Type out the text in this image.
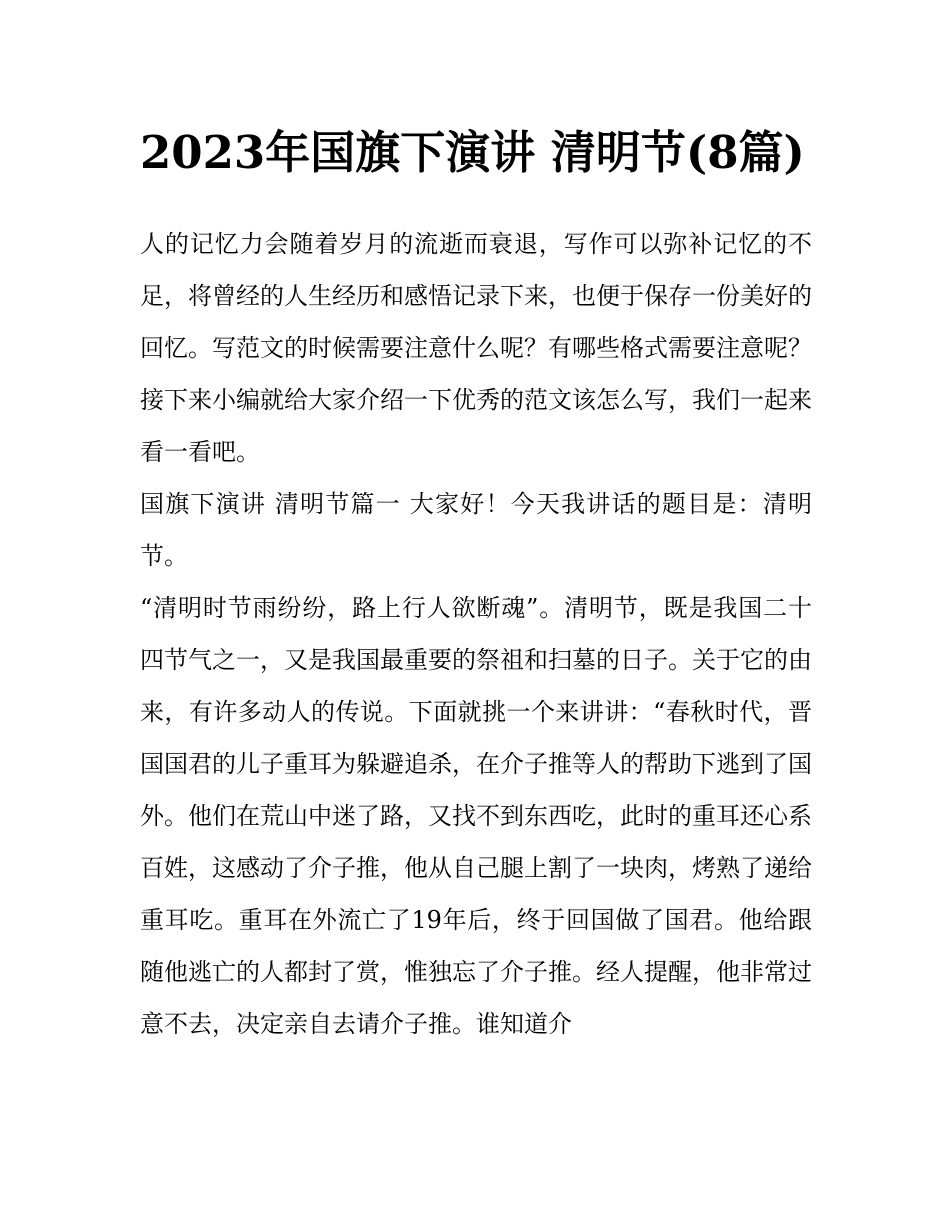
2023年国旗下演讲 清明节(8篇)

人的记忆力会随着岁月的流逝而衰退，写作可以弥补记忆的不足，将曾经的人生经历和感悟记录下来，也便于保存一份美好的回忆。写范文的时候需要注意什么呢？有哪些格式需要注意呢？接下来小编就给大家介绍一下优秀的范文该怎么写，我们一起来看一看吧。

国旗下演讲 清明节篇一 大家好！今天我讲话的题目是：清明节。

“清明时节雨纷纷，路上行人欲断魂”。清明节，既是我国二十四节气之一，又是我国最重要的祭祖和扫墓的日子。关于它的由来，有许多动人的传说。下面就挑一个来讲讲：“春秋时代，晋国国君的儿子重耳为躲避追杀，在介子推等人的帮助下逃到了国外。他们在荒山中迷了路，又找不到东西吃，此时的重耳还心系百姓，这感动了介子推，他从自己腿上割了一块肉，烤熟了递给重耳吃。重耳在外流亡了19年后，终于回国做了国君。他给跟随他逃亡的人都封了赏，惟独忘了介子推。经人提醒，他非常过意不去，决定亲自去请介子推。谁知道介
